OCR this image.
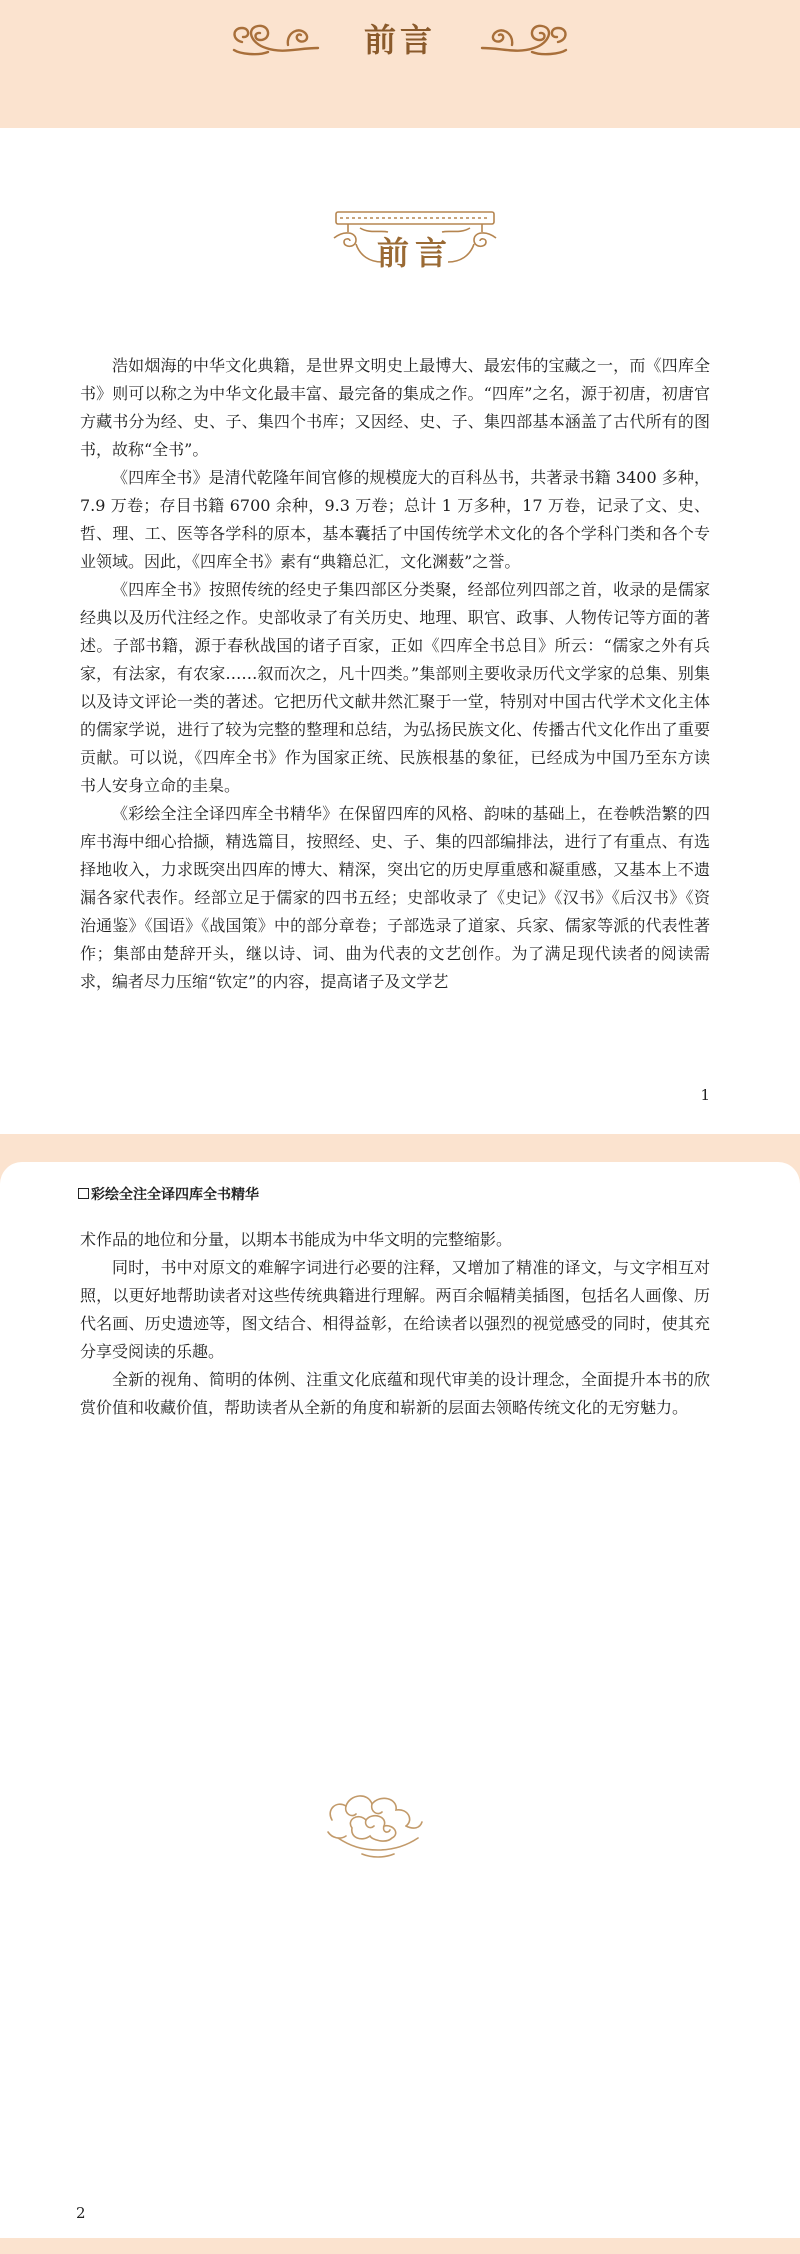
前言
前言

浩如烟海的中华文化典籍，是世界文明史上最博大、最宏伟的宝藏之一，而《四库全书》则可以称之为中华文化最丰富、最完备的集成之作。“四库”之名，源于初唐，初唐官方藏书分为经、史、子、集四个书库；又因经、史、子、集四部基本涵盖了古代所有的图书，故称“全书”。

《四库全书》是清代乾隆年间官修的规模庞大的百科丛书，共著录书籍 3400 多种，7.9 万卷；存目书籍 6700 余种，9.3 万卷；总计 1 万多种，17 万卷，记录了文、史、哲、理、工、医等各学科的原本，基本囊括了中国传统学术文化的各个学科门类和各个专业领域。因此，《四库全书》素有“典籍总汇，文化渊薮”之誉。

《四库全书》按照传统的经史子集四部区分类聚，经部位列四部之首，收录的是儒家经典以及历代注经之作。史部收录了有关历史、地理、职官、政事、人物传记等方面的著述。子部书籍，源于春秋战国的诸子百家，正如《四库全书总目》所云：“儒家之外有兵家，有法家，有农家……叙而次之，凡十四类。”集部则主要收录历代文学家的总集、别集以及诗文评论一类的著述。它把历代文献井然汇聚于一堂，特别对中国古代学术文化主体的儒家学说，进行了较为完整的整理和总结，为弘扬民族文化、传播古代文化作出了重要贡献。可以说，《四库全书》作为国家正统、民族根基的象征，已经成为中国乃至东方读书人安身立命的圭臬。

《彩绘全注全译四库全书精华》在保留四库的风格、韵味的基础上，在卷帙浩繁的四库书海中细心拾撷，精选篇目，按照经、史、子、集的四部编排法，进行了有重点、有选择地收入，力求既突出四库的博大、精深，突出它的历史厚重感和凝重感，又基本上不遗漏各家代表作。经部立足于儒家的四书五经；史部收录了《史记》《汉书》《后汉书》《资治通鉴》《国语》《战国策》中的部分章卷；子部选录了道家、兵家、儒家等派的代表性著作；集部由楚辞开头，继以诗、词、曲为代表的文艺创作。为了满足现代读者的阅读需求，编者尽力压缩“钦定”的内容，提高诸子及文学艺

1
彩绘全注全译四库全书精华

术作品的地位和分量，以期本书能成为中华文明的完整缩影。

同时，书中对原文的难解字词进行必要的注释，又增加了精准的译文，与文字相互对照，以更好地帮助读者对这些传统典籍进行理解。两百余幅精美插图，包括名人画像、历代名画、历史遗迹等，图文结合、相得益彰，在给读者以强烈的视觉感受的同时，使其充分享受阅读的乐趣。

全新的视角、简明的体例、注重文化底蕴和现代审美的设计理念，全面提升本书的欣赏价值和收藏价值，帮助读者从全新的角度和崭新的层面去领略传统文化的无穷魅力。

2
